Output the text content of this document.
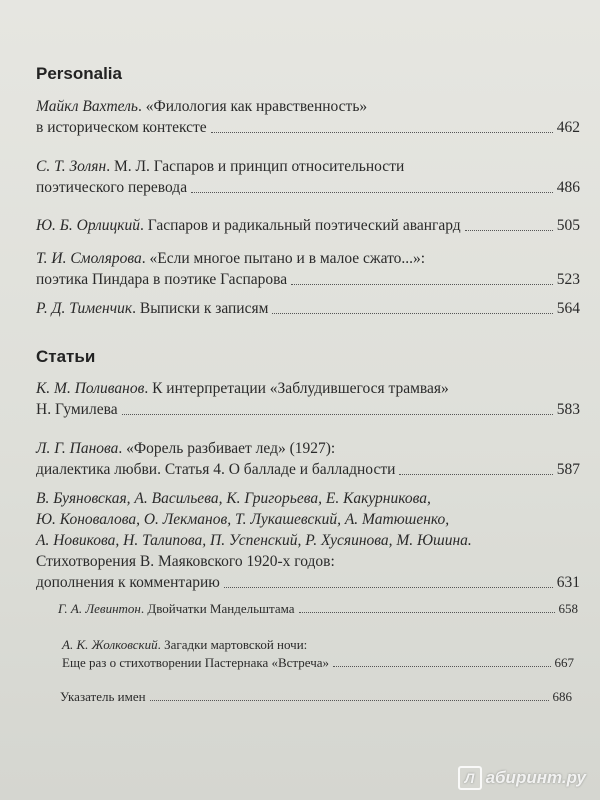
Personalia
Майкл Вахтель. «Филология как нравственность»
в историческом контексте	462
С. Т. Золян. М. Л. Гаспаров и принцип относительности
поэтического перевода	486
Ю. Б. Орлицкий. Гаспаров и радикальный поэтический авангард	505
Т. И. Смолярова. «Если многое пытано и в малое сжато...»:
поэтика Пиндара в поэтике Гаспарова	523
Р. Д. Тименчик. Выписки к записям	564
Статьи
К. М. Поливанов. К интерпретации «Заблудившегося трамвая»
Н. Гумилева	583
Л. Г. Панова. «Форель разбивает лед» (1927):
диалектика любви. Статья 4. О балладе и балладности	587
В. Буяновская, А. Васильева, К. Григорьева, Е. Какурникова,
Ю. Коновалова, О. Лекманов, Т. Лукашевский, А. Матюшенко,
А. Новикова, Н. Талипова, П. Успенский, Р. Хусяинова, М. Юшина.
Стихотворения В. Маяковского 1920-х годов:
дополнения к комментарию	631
Г. А. Левинтон. Двойчатки Мандельштама	658
А. К. Жолковский. Загадки мартовской ночи:
Еще раз о стихотворении Пастернака «Встреча»	667
Указатель имен	686
Л абиринт.ру
